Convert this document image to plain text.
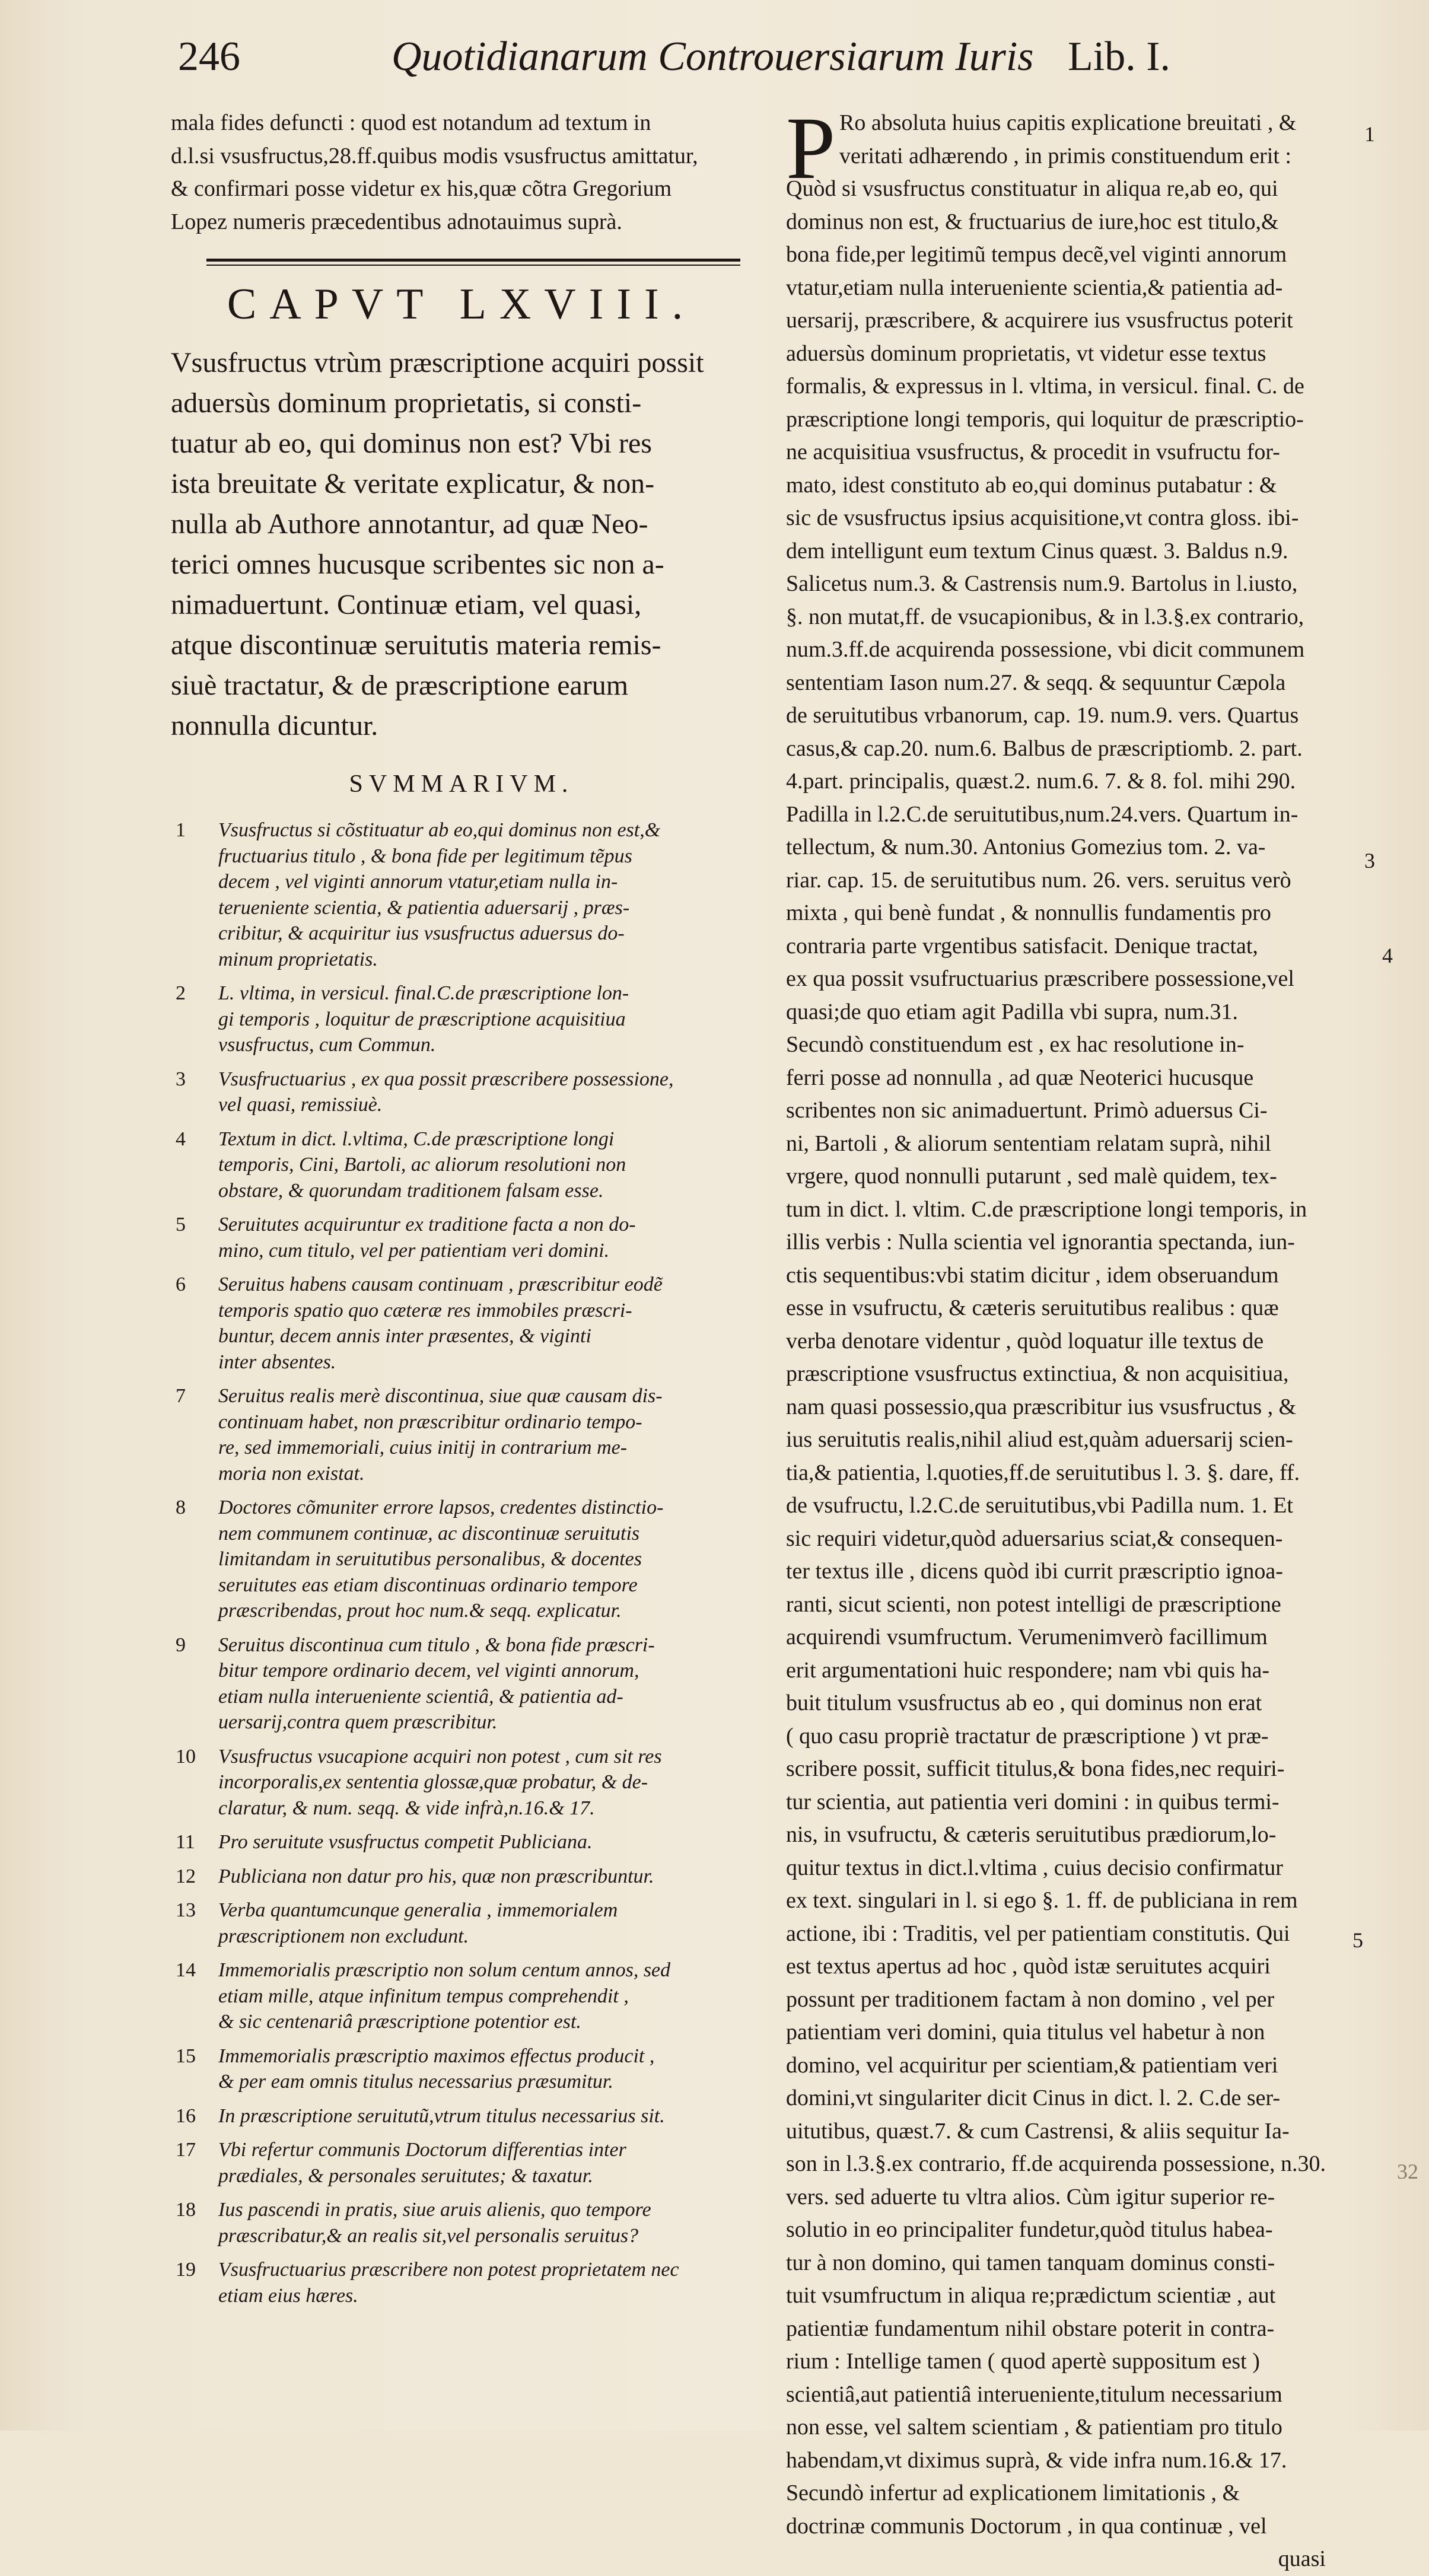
246	Quotidianarum Controuersiarum Iuris Lib. I.
mala fides defuncti : quod est notandum ad textum in
d.l.si vsusfructus,28.ff.quibus modis vsusfructus amittatur,
& confirmari posse videtur ex his,quæ cõtra Gregorium
Lopez numeris præcedentibus adnotauimus suprà.
CAPVT LXVIII.
Vsusfructus vtrùm præscriptione acquiri possit
aduersùs dominum proprietatis, si consti-
tuatur ab eo, qui dominus non est? Vbi res
ista breuitate & veritate explicatur, & non-
nulla ab Authore annotantur, ad quæ Neo-
terici omnes hucusque scribentes sic non a-
nimaduertunt. Continuæ etiam, vel quasi,
atque discontinuæ seruitutis materia remis-
siuè tractatur, & de præscriptione earum
nonnulla dicuntur.
SVMMARIVM.
1	Vsusfructus si cõstituatur ab eo,qui dominus non est,&
fructuarius titulo , & bona fide per legitimum tẽpus
decem , vel viginti annorum vtatur,etiam nulla in-
terueniente scientia, & patientia aduersarij , præs-
cribitur, & acquiritur ius vsusfructus aduersus do-
minum proprietatis.
2	L. vltima, in versicul. final.C.de præscriptione lon-
gi temporis , loquitur de præscriptione acquisitiua
vsusfructus, cum Commun.
3	Vsusfructuarius , ex qua possit præscribere possessione,
vel quasi, remissiuè.
4	Textum in dict. l.vltima, C.de præscriptione longi
temporis, Cini, Bartoli, ac aliorum resolutioni non
obstare, & quorundam traditionem falsam esse.
5	Seruitutes acquiruntur ex traditione facta a non do-
mino, cum titulo, vel per patientiam veri domini.
6	Seruitus habens causam continuam , præscribitur eodẽ
temporis spatio quo cæteræ res immobiles præscri-
buntur, decem annis inter præsentes, & viginti
inter absentes.
7	Seruitus realis merè discontinua, siue quæ causam dis-
continuam habet, non præscribitur ordinario tempo-
re, sed immemoriali, cuius initij in contrarium me-
moria non existat.
8	Doctores cõmuniter errore lapsos, credentes distinctio-
nem communem continuæ, ac discontinuæ seruitutis
limitandam in seruitutibus personalibus, & docentes
seruitutes eas etiam discontinuas ordinario tempore
præscribendas, prout hoc num.& seqq. explicatur.
9	Seruitus discontinua cum titulo , & bona fide præscri-
bitur tempore ordinario decem, vel viginti annorum,
etiam nulla interueniente scientiâ, & patientia ad-
uersarij,contra quem præscribitur.
10	Vsusfructus vsucapione acquiri non potest , cum sit res
incorporalis,ex sententia glossæ,quæ probatur, & de-
claratur, & num. seqq. & vide infrà,n.16.& 17.
11	Pro seruitute vsusfructus competit Publiciana.
12	Publiciana non datur pro his, quæ non præscribuntur.
13	Verba quantumcunque generalia , immemorialem
præscriptionem non excludunt.
14	Immemorialis præscriptio non solum centum annos, sed
etiam mille, atque infinitum tempus comprehendit ,
& sic centenariâ præscriptione potentior est.
15	Immemorialis præscriptio maximos effectus producit ,
& per eam omnis titulus necessarius præsumitur.
16	In præscriptione seruitutũ,vtrum titulus necessarius sit.
17	Vbi refertur communis Doctorum differentias inter
prædiales, & personales seruitutes; & taxatur.
18	Ius pascendi in pratis, siue aruis alienis, quo tempore
præscribatur,& an realis sit,vel personalis seruitus?
19	Vsusfructuarius præscribere non potest proprietatem nec
etiam eius hæres.
P Ro absoluta huius capitis explicatione breuitati , &
veritati adhærendo , in primis constituendum erit :
Quòd si vsusfructus constituatur in aliqua re,ab eo, qui
dominus non est, & fructuarius de iure,hoc est titulo,&
bona fide,per legitimũ tempus decẽ,vel viginti annorum
vtatur,etiam nulla interueniente scientia,& patientia ad-
uersarij, præscribere, & acquirere ius vsusfructus poterit
aduersùs dominum proprietatis, vt videtur esse textus
formalis, & expressus in l. vltima, in versicul. final. C. de
præscriptione longi temporis, qui loquitur de præscriptio-
ne acquisitiua vsusfructus, & procedit in vsufructu for-
mato, idest constituto ab eo,qui dominus putabatur : &
sic de vsusfructus ipsius acquisitione,vt contra gloss. ibi-
dem intelligunt eum textum Cinus quæst. 3. Baldus n.9.
Salicetus num.3. & Castrensis num.9. Bartolus in l.iusto,
§. non mutat,ff. de vsucapionibus, & in l.3.§.ex contrario,
num.3.ff.de acquirenda possessione, vbi dicit communem
sententiam Iason num.27. & seqq. & sequuntur Cæpola
de seruitutibus vrbanorum, cap. 19. num.9. vers. Quartus
casus,& cap.20. num.6. Balbus de præscriptiomb. 2. part.
4.part. principalis, quæst.2. num.6. 7. & 8. fol. mihi 290.
Padilla in l.2.C.de seruitutibus,num.24.vers. Quartum in-
tellectum, & num.30. Antonius Gomezius tom. 2. va-
riar. cap. 15. de seruitutibus num. 26. vers. seruitus verò
mixta , qui benè fundat , & nonnullis fundamentis pro
contraria parte vrgentibus satisfacit. Denique tractat,
ex qua possit vsufructuarius præscribere possessione,vel
quasi;de quo etiam agit Padilla vbi supra, num.31.
Secundò constituendum est , ex hac resolutione in-
ferri posse ad nonnulla , ad quæ Neoterici hucusque
scribentes non sic animaduertunt. Primò aduersus Ci-
ni, Bartoli , & aliorum sententiam relatam suprà, nihil
vrgere, quod nonnulli putarunt , sed malè quidem, tex-
tum in dict. l. vltim. C.de præscriptione longi temporis, in
illis verbis : Nulla scientia vel ignorantia spectanda, iun-
ctis sequentibus:vbi statim dicitur , idem obseruandum
esse in vsufructu, & cæteris seruitutibus realibus : quæ
verba denotare videntur , quòd loquatur ille textus de
præscriptione vsusfructus extinctiua, & non acquisitiua,
nam quasi possessio,qua præscribitur ius vsusfructus , &
ius seruitutis realis,nihil aliud est,quàm aduersarij scien-
tia,& patientia, l.quoties,ff.de seruitutibus l. 3. §. dare, ff.
de vsufructu, l.2.C.de seruitutibus,vbi Padilla num. 1. Et
sic requiri videtur,quòd aduersarius sciat,& consequen-
ter textus ille , dicens quòd ibi currit præscriptio ignoa-
ranti, sicut scienti, non potest intelligi de præscriptione
acquirendi vsumfructum. Verumenimverò facillimum
erit argumentationi huic respondere; nam vbi quis ha-
buit titulum vsusfructus ab eo , qui dominus non erat
( quo casu propriè tractatur de præscriptione ) vt præ-
scribere possit, sufficit titulus,& bona fides,nec requiri-
tur scientia, aut patientia veri domini : in quibus termi-
nis, in vsufructu, & cæteris seruitutibus prædiorum,lo-
quitur textus in dict.l.vltima , cuius decisio confirmatur
ex text. singulari in l. si ego §. 1. ff. de publiciana in rem
actione, ibi : Traditis, vel per patientiam constitutis. Qui
est textus apertus ad hoc , quòd istæ seruitutes acquiri
possunt per traditionem factam à non domino , vel per
patientiam veri domini, quia titulus vel habetur à non
domino, vel acquiritur per scientiam,& patientiam veri
domini,vt singulariter dicit Cinus in dict. l. 2. C.de ser-
uitutibus, quæst.7. & cum Castrensi, & aliis sequitur Ia-
son in l.3.§.ex contrario, ff.de acquirenda possessione, n.30.
vers. sed aduerte tu vltra alios. Cùm igitur superior re-
solutio in eo principaliter fundetur,quòd titulus habea-
tur à non domino, qui tamen tanquam dominus consti-
tuit vsumfructum in aliqua re;prædictum scientiæ , aut
patientiæ fundamentum nihil obstare poterit in contra-
rium : Intellige tamen ( quod apertè suppositum est )
scientiâ,aut patientiâ interueniente,titulum necessarium
non esse, vel saltem scientiam , & patientiam pro titulo
habendam,vt diximus suprà, & vide infra num.16.& 17.
Secundò infertur ad explicationem limitationis , &
doctrinæ communis Doctorum , in qua continuæ , vel
quasi
1
3
4
5
32
